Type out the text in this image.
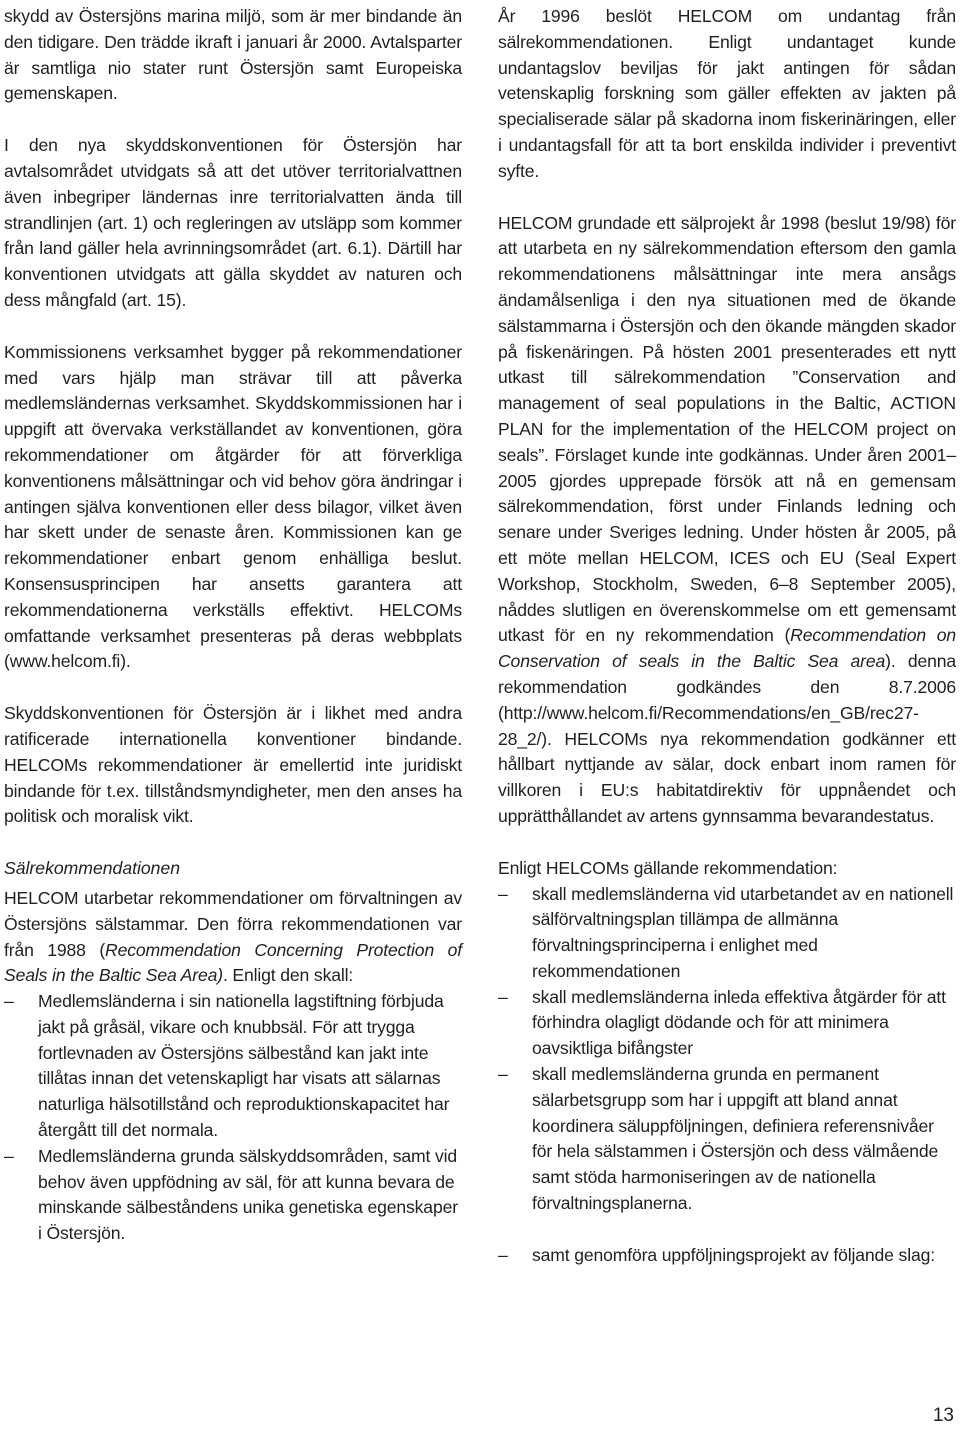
skydd av Östersjöns marina miljö, som är mer bindande än den tidigare. Den trädde ikraft i januari år 2000. Avtalsparter är samtliga nio stater runt Östersjön samt Europeiska gemenskapen.

I den nya skyddskonventionen för Östersjön har avtalsområdet utvidgats så att det utöver territorialvattnen även inbegriper ländernas inre territorialvatten ända till strandlinjen (art. 1) och regleringen av utsläpp som kommer från land gäller hela avrinningsområdet (art. 6.1). Därtill har konventionen utvidgats att gälla skyddet av naturen och dess mångfald (art. 15).

Kommissionens verksamhet bygger på rekommendationer med vars hjälp man strävar till att påverka medlemsländernas verksamhet. Skyddskommissionen har i uppgift att övervaka verkställandet av konventionen, göra rekommendationer om åtgärder för att förverkliga konventionens målsättningar och vid behov göra ändringar i antingen själva konventionen eller dess bilagor, vilket även har skett under de senaste åren. Kommissionen kan ge rekommendationer enbart genom enhälliga beslut. Konsensusprincipen har ansetts garantera att rekommendationerna verkställs effektivt. HELCOMs omfattande verksamhet presenteras på deras webbplats (www.helcom.fi).

Skyddskonventionen för Östersjön är i likhet med andra ratificerade internationella konventioner bindande. HELCOMs rekommendationer är emellertid inte juridiskt bindande för t.ex. tillståndsmyndigheter, men den anses ha politisk och moralisk vikt.

Sälrekommendationen

HELCOM utarbetar rekommendationer om förvaltningen av Östersjöns sälstammar. Den förra rekommendationen var från 1988 (Recommendation Concerning Protection of Seals in the Baltic Sea Area). Enligt den skall:

– Medlemsländerna i sin nationella lagstiftning förbjuda jakt på gråsäl, vikare och knubbsäl. För att trygga fortlevnaden av Östersjöns sälbestånd kan jakt inte tillåtas innan det vetenskapligt har visats att sälarnas naturliga hälsotillstånd och reproduktionskapacitet har återgått till det normala.
– Medlemsländerna grunda sälskyddsområden, samt vid behov även uppfödning av säl, för att kunna bevara de minskande sälbeståndens unika genetiska egenskaper i Östersjön.

År 1996 beslöt HELCOM om undantag från sälrekommendationen. Enligt undantaget kunde undantagslov beviljas för jakt antingen för sådan vetenskaplig forskning som gäller effekten av jakten på specialiserade sälar på skadorna inom fiskerinäringen, eller i undantagsfall för att ta bort enskilda individer i preventivt syfte.

HELCOM grundade ett sälprojekt år 1998 (beslut 19/98) för att utarbeta en ny sälrekommendation eftersom den gamla rekommendationens målsättningar inte mera ansågs ändamålsenliga i den nya situationen med de ökande sälstammarna i Östersjön och den ökande mängden skador på fiskenäringen. På hösten 2001 presenterades ett nytt utkast till sälrekommendation ”Conservation and management of seal populations in the Baltic, ACTION PLAN for the implementation of the HELCOM project on seals”. Förslaget kunde inte godkännas. Under åren 2001–2005 gjordes upprepade försök att nå en gemensam sälrekommendation, först under Finlands ledning och senare under Sveriges ledning. Under hösten år 2005, på ett möte mellan HELCOM, ICES och EU (Seal Expert Workshop, Stockholm, Sweden, 6–8 September 2005), nåddes slutligen en överenskommelse om ett gemensamt utkast för en ny rekommendation (Recommendation on Conservation of seals in the Baltic Sea area). denna rekommendation godkändes den 8.7.2006 (http://www.helcom.fi/Recommendations/en_GB/rec27-28_2/). HELCOMs nya rekommendation godkänner ett hållbart nyttjande av sälar, dock enbart inom ramen för villkoren i EU:s habitatdirektiv för uppnåendet och upprätthållandet av artens gynnsamma bevarandestatus.

Enligt HELCOMs gällande rekommendation:

– skall medlemsländerna vid utarbetandet av en nationell sälförvaltningsplan tillämpa de allmänna förvaltningsprinciperna i enlighet med rekommendationen
– skall medlemsländerna inleda effektiva åtgärder för att förhindra olagligt dödande och för att minimera oavsiktliga bifångster
– skall medlemsländerna grunda en permanent sälarbetsgrupp som har i uppgift att bland annat koordinera säluppföljningen, definiera referensnivåer för hela sälstammen i Östersjön och dess välmående samt stöda harmoniseringen av de nationella förvaltningsplanerna.
– samt genomföra uppföljningsprojekt av följande slag:
13
